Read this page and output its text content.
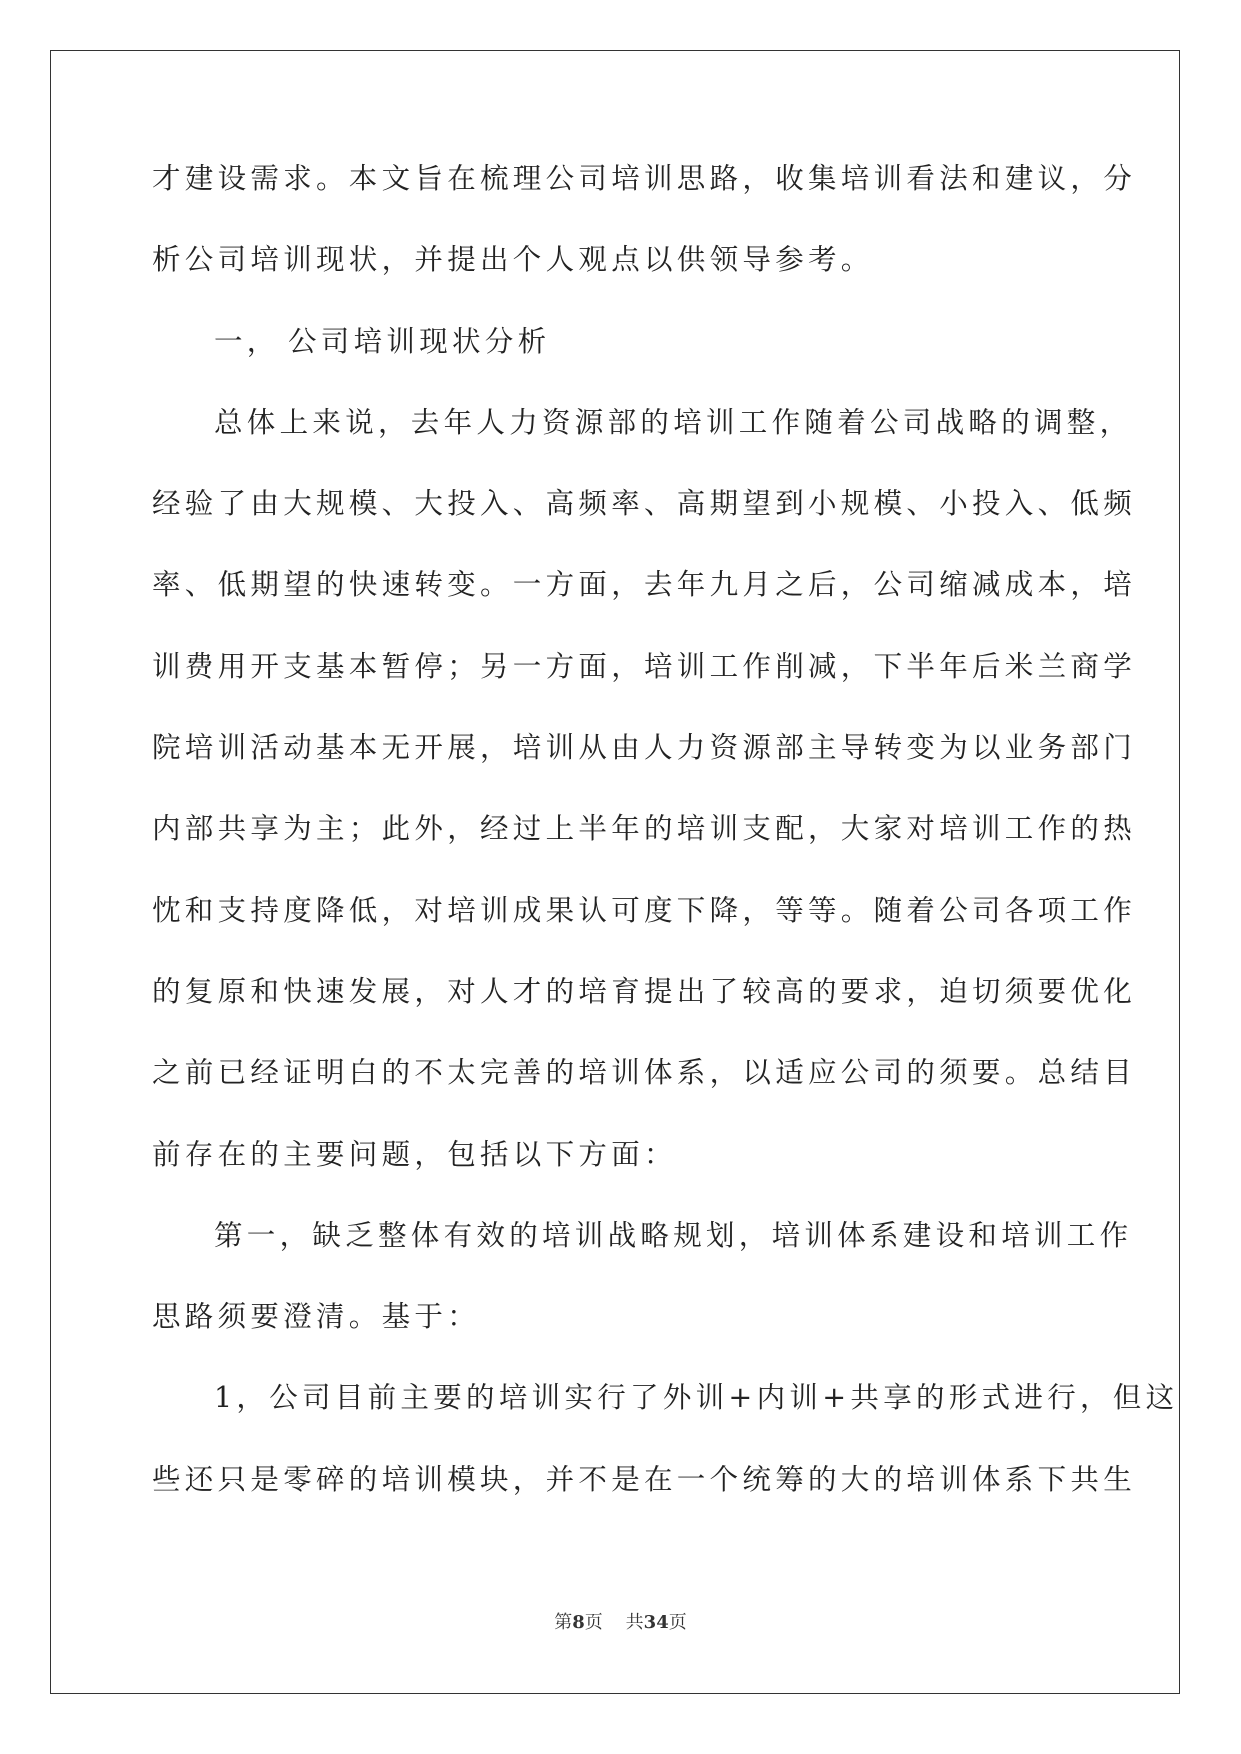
才建设需求。本文旨在梳理公司培训思路，收集培训看法和建议，分
析公司培训现状，并提出个人观点以供领导参考。
一， 公司培训现状分析
总体上来说，去年人力资源部的培训工作随着公司战略的调整，
经验了由大规模、大投入、高频率、高期望到小规模、小投入、低频
率、低期望的快速转变。一方面，去年九月之后，公司缩减成本，培
训费用开支基本暂停；另一方面，培训工作削减，下半年后米兰商学
院培训活动基本无开展，培训从由人力资源部主导转变为以业务部门
内部共享为主；此外，经过上半年的培训支配，大家对培训工作的热
忱和支持度降低，对培训成果认可度下降，等等。随着公司各项工作
的复原和快速发展，对人才的培育提出了较高的要求，迫切须要优化
之前已经证明白的不太完善的培训体系，以适应公司的须要。总结目
前存在的主要问题，包括以下方面：
第一，缺乏整体有效的培训战略规划，培训体系建设和培训工作
思路须要澄清。基于：
1，公司目前主要的培训实行了外训+内训+共享的形式进行，但这
些还只是零碎的培训模块，并不是在一个统筹的大的培训体系下共生
第8页 共34页
